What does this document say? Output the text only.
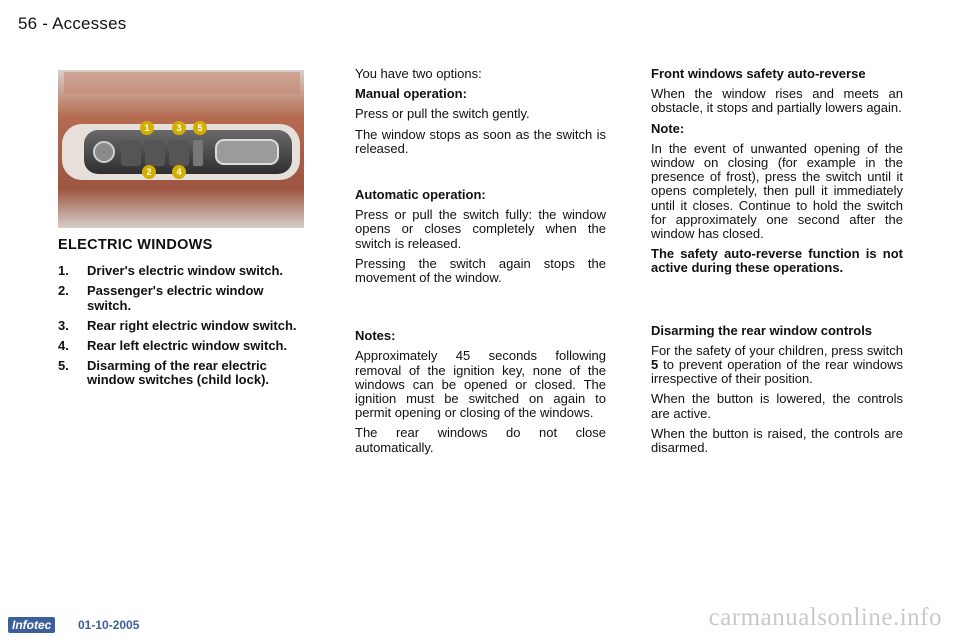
56 - Accesses
1
2
3
4
5
ELECTRIC WINDOWS
1.	Driver's electric window switch.
2.	Passenger's electric window switch.
3.	Rear right electric window switch.
4.	Rear left electric window switch.
5.	Disarming of the rear electric window switches (child lock).

You have two options:

Manual operation:

Press or pull the switch gently.

The window stops as soon as the switch is released.

Automatic operation:

Press or pull the switch fully: the window opens or closes completely when the switch is released.

Pressing the switch again stops the movement of the window.

Notes:

Approximately 45 seconds following removal of the ignition key, none of the windows can be opened or closed. The ignition must be switched on again to permit opening or closing of the windows.

The rear windows do not close automatically.

Front windows safety auto-reverse

When the window rises and meets an obstacle, it stops and partially lowers again.

Note:

In the event of unwanted opening of the window on closing (for example in the presence of frost), press the switch until it opens completely, then pull it immediately until it closes. Continue to hold the switch for approximately one second after the window has closed.

The safety auto-reverse function is not active during these operations.

Disarming the rear window controls

For the safety of your children, press switch 5 to prevent operation of the rear windows irrespective of their position.

When the button is lowered, the controls are active.

When the button is raised, the controls are disarmed.

Infotec	01-10-2005	carmanualsonline.info
